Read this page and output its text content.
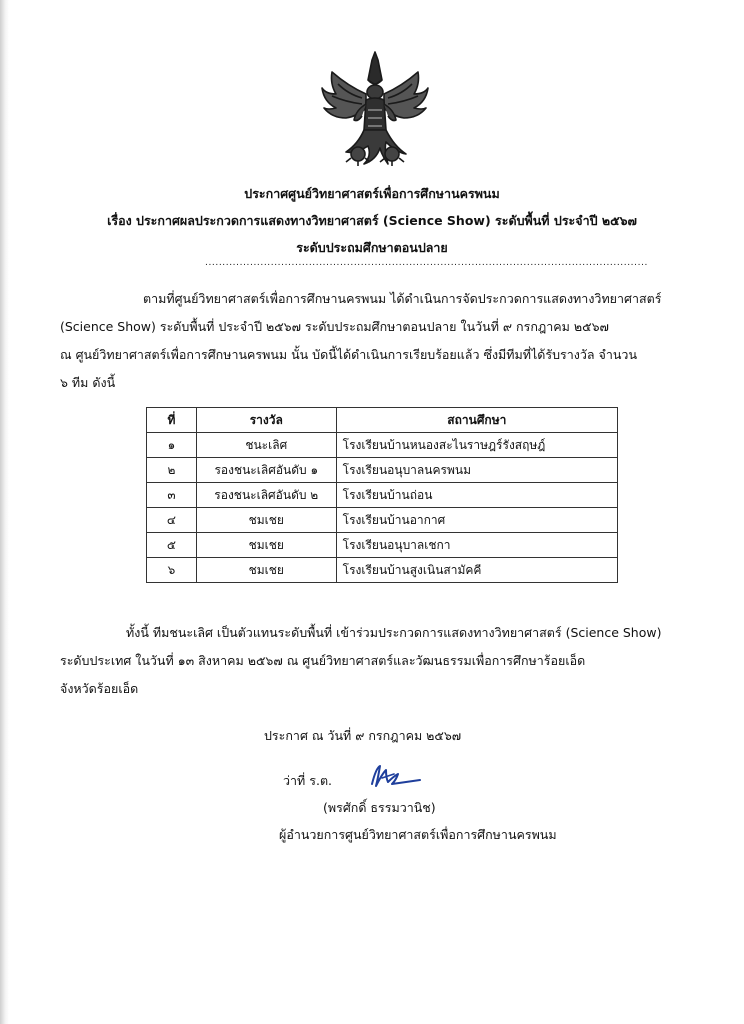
ประกาศศูนย์วิทยาศาสตร์เพื่อการศึกษานครพนม
เรื่อง ประกาศผลประกวดการแสดงทางวิทยาศาสตร์ (Science Show) ระดับพื้นที่ ประจำปี ๒๕๖๗
ระดับประถมศึกษาตอนปลาย
................................................................................................................................
ตามที่ศูนย์วิทยาศาสตร์เพื่อการศึกษานครพนม ได้ดำเนินการจัดประกวดการแสดงทางวิทยาศาสตร์
(Science Show) ระดับพื้นที่ ประจำปี ๒๕๖๗ ระดับประถมศึกษาตอนปลาย ในวันที่ ๙ กรกฎาคม ๒๕๖๗
ณ ศูนย์วิทยาศาสตร์เพื่อการศึกษานครพนม นั้น บัดนี้ได้ดำเนินการเรียบร้อยแล้ว ซึ่งมีทีมที่ได้รับรางวัล จำนวน
๖ ทีม ดังนี้
ที่	รางวัล	สถานศึกษา
๑	ชนะเลิศ	โรงเรียนบ้านหนองสะไนราษฎร์รังสฤษฎ์
๒	รองชนะเลิศอันดับ ๑	โรงเรียนอนุบาลนครพนม
๓	รองชนะเลิศอันดับ ๒	โรงเรียนบ้านถ่อน
๔	ชมเชย	โรงเรียนบ้านอากาศ
๕	ชมเชย	โรงเรียนอนุบาลเชกา
๖	ชมเชย	โรงเรียนบ้านสูงเนินสามัคคี
ทั้งนี้ ทีมชนะเลิศ เป็นตัวแทนระดับพื้นที่ เข้าร่วมประกวดการแสดงทางวิทยาศาสตร์ (Science Show)
ระดับประเทศ ในวันที่ ๑๓ สิงหาคม ๒๕๖๗ ณ ศูนย์วิทยาศาสตร์และวัฒนธรรมเพื่อการศึกษาร้อยเอ็ด
จังหวัดร้อยเอ็ด
ประกาศ ณ วันที่ ๙ กรกฎาคม ๒๕๖๗
ว่าที่ ร.ต.
(พรศักดิ์ ธรรมวานิช)
ผู้อำนวยการศูนย์วิทยาศาสตร์เพื่อการศึกษานครพนม
